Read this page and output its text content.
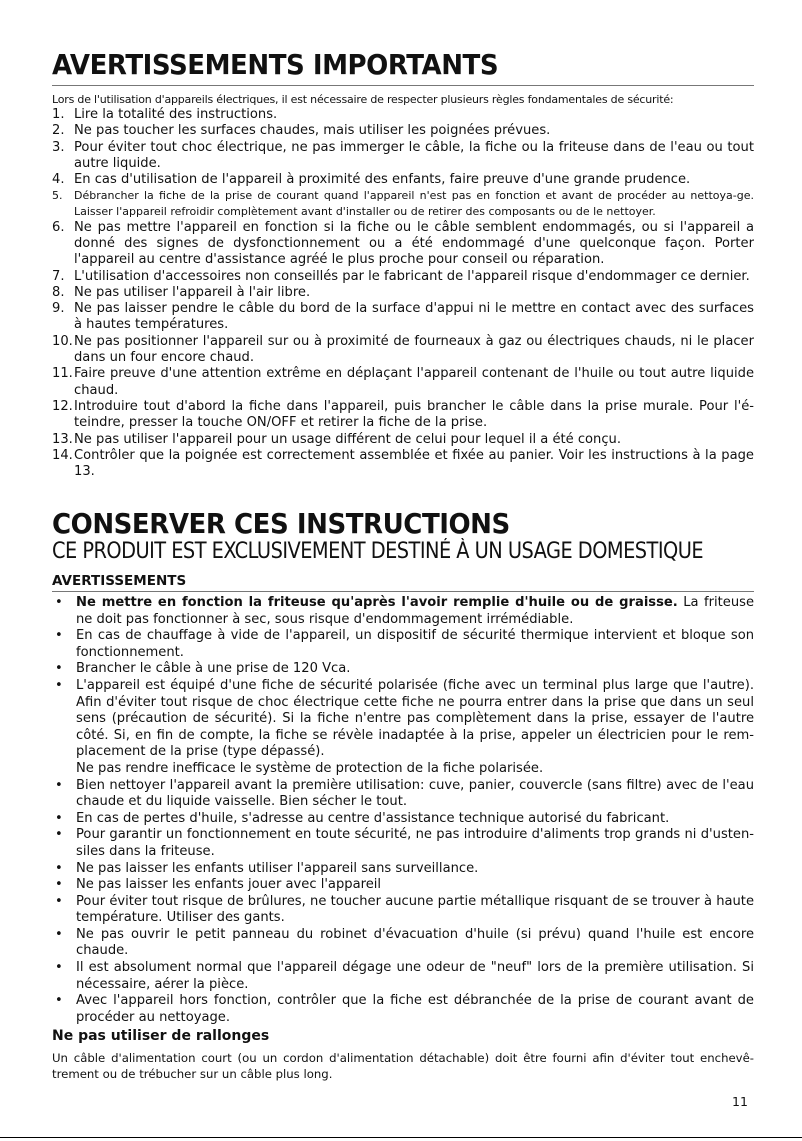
AVERTISSEMENTS IMPORTANTS
Lors de l'utilisation d'appareils électriques, il est nécessaire de respecter plusieurs règles fondamentales de sécurité:
1. Lire la totalité des instructions.
2. Ne pas toucher les surfaces chaudes, mais utiliser les poignées prévues.
3. Pour éviter tout choc électrique, ne pas immerger le câble, la fiche ou la friteuse dans de l'eau ou tout autre liquide.
4. En cas d'utilisation de l'appareil à proximité des enfants, faire preuve d'une grande prudence.
5.	Débrancher la fiche de la prise de courant quand l'appareil n'est pas en fonction et avant de procéder au nettoya-ge. Laisser l'appareil refroidir complètement avant d'installer ou de retirer des composants ou de le nettoyer.
6. Ne pas mettre l'appareil en fonction si la fiche ou le câble semblent endommagés, ou si l'appareil a donné des signes de dysfonctionnement ou a été endommagé d'une quelconque façon. Porter l'appareil au centre d'assistance agréé le plus proche pour conseil ou réparation.
7. L'utilisation d'accessoires non conseillés par le fabricant de l'appareil risque d'endommager ce dernier.
8. Ne pas utiliser l'appareil à l'air libre.
9. Ne pas laisser pendre le câble du bord de la surface d'appui ni le mettre en contact avec des surfaces à hautes températures.
10. Ne pas positionner l'appareil sur ou à proximité de fourneaux à gaz ou électriques chauds, ni le placer dans un four encore chaud.
11. Faire preuve d'une attention extrême en déplaçant l'appareil contenant de l'huile ou tout autre liquide chaud.
12. Introduire tout d'abord la fiche dans l'appareil, puis brancher le câble dans la prise murale. Pour l'é-teindre, presser la touche ON/OFF et retirer la fiche de la prise.
13. Ne pas utiliser l'appareil pour un usage différent de celui pour lequel il a été conçu.
14. Contrôler que la poignée est correctement assemblée et fixée au panier. Voir les instructions à la page 13.
CONSERVER CES INSTRUCTIONS
CE PRODUIT EST EXCLUSIVEMENT DESTINÉ À UN USAGE DOMESTIQUE
AVERTISSEMENTS
• Ne mettre en fonction la friteuse qu'après l'avoir remplie d'huile ou de graisse. La friteuse ne doit pas fonctionner à sec, sous risque d'endommagement irrémédiable.
• En cas de chauffage à vide de l'appareil, un dispositif de sécurité thermique intervient et bloque son fonctionnement.
• Brancher le câble à une prise de 120 Vca.
• L'appareil est équipé d'une fiche de sécurité polarisée (fiche avec un terminal plus large que l'autre). Afin d'éviter tout risque de choc électrique cette fiche ne pourra entrer dans la prise que dans un seul sens (précaution de sécurité). Si la fiche n'entre pas complètement dans la prise, essayer de l'autre côté. Si, en fin de compte, la fiche se révèle inadaptée à la prise, appeler un électricien pour le rem-placement de la prise (type dépassé).
Ne pas rendre inefficace le système de protection de la fiche polarisée.
• Bien nettoyer l'appareil avant la première utilisation: cuve, panier, couvercle (sans filtre) avec de l'eau chaude et du liquide vaisselle. Bien sécher le tout.
• En cas de pertes d'huile, s'adresse au centre d'assistance technique autorisé du fabricant.
• Pour garantir un fonctionnement en toute sécurité, ne pas introduire d'aliments trop grands ni d'usten-siles dans la friteuse.
• Ne pas laisser les enfants utiliser l'appareil sans surveillance.
• Ne pas laisser les enfants jouer avec l'appareil
• Pour éviter tout risque de brûlures, ne toucher aucune partie métallique risquant de se trouver à haute température. Utiliser des gants.
• Ne pas ouvrir le petit panneau du robinet d'évacuation d'huile (si prévu) quand l'huile est encore chaude.
• Il est absolument normal que l'appareil dégage une odeur de "neuf" lors de la première utilisation. Si nécessaire, aérer la pièce.
• Avec l'appareil hors fonction, contrôler que la fiche est débranchée de la prise de courant avant de procéder au nettoyage.
Ne pas utiliser de rallonges
Un câble d'alimentation court (ou un cordon d'alimentation détachable) doit être fourni afin d'éviter tout enchevê-trement ou de trébucher sur un câble plus long.
11
